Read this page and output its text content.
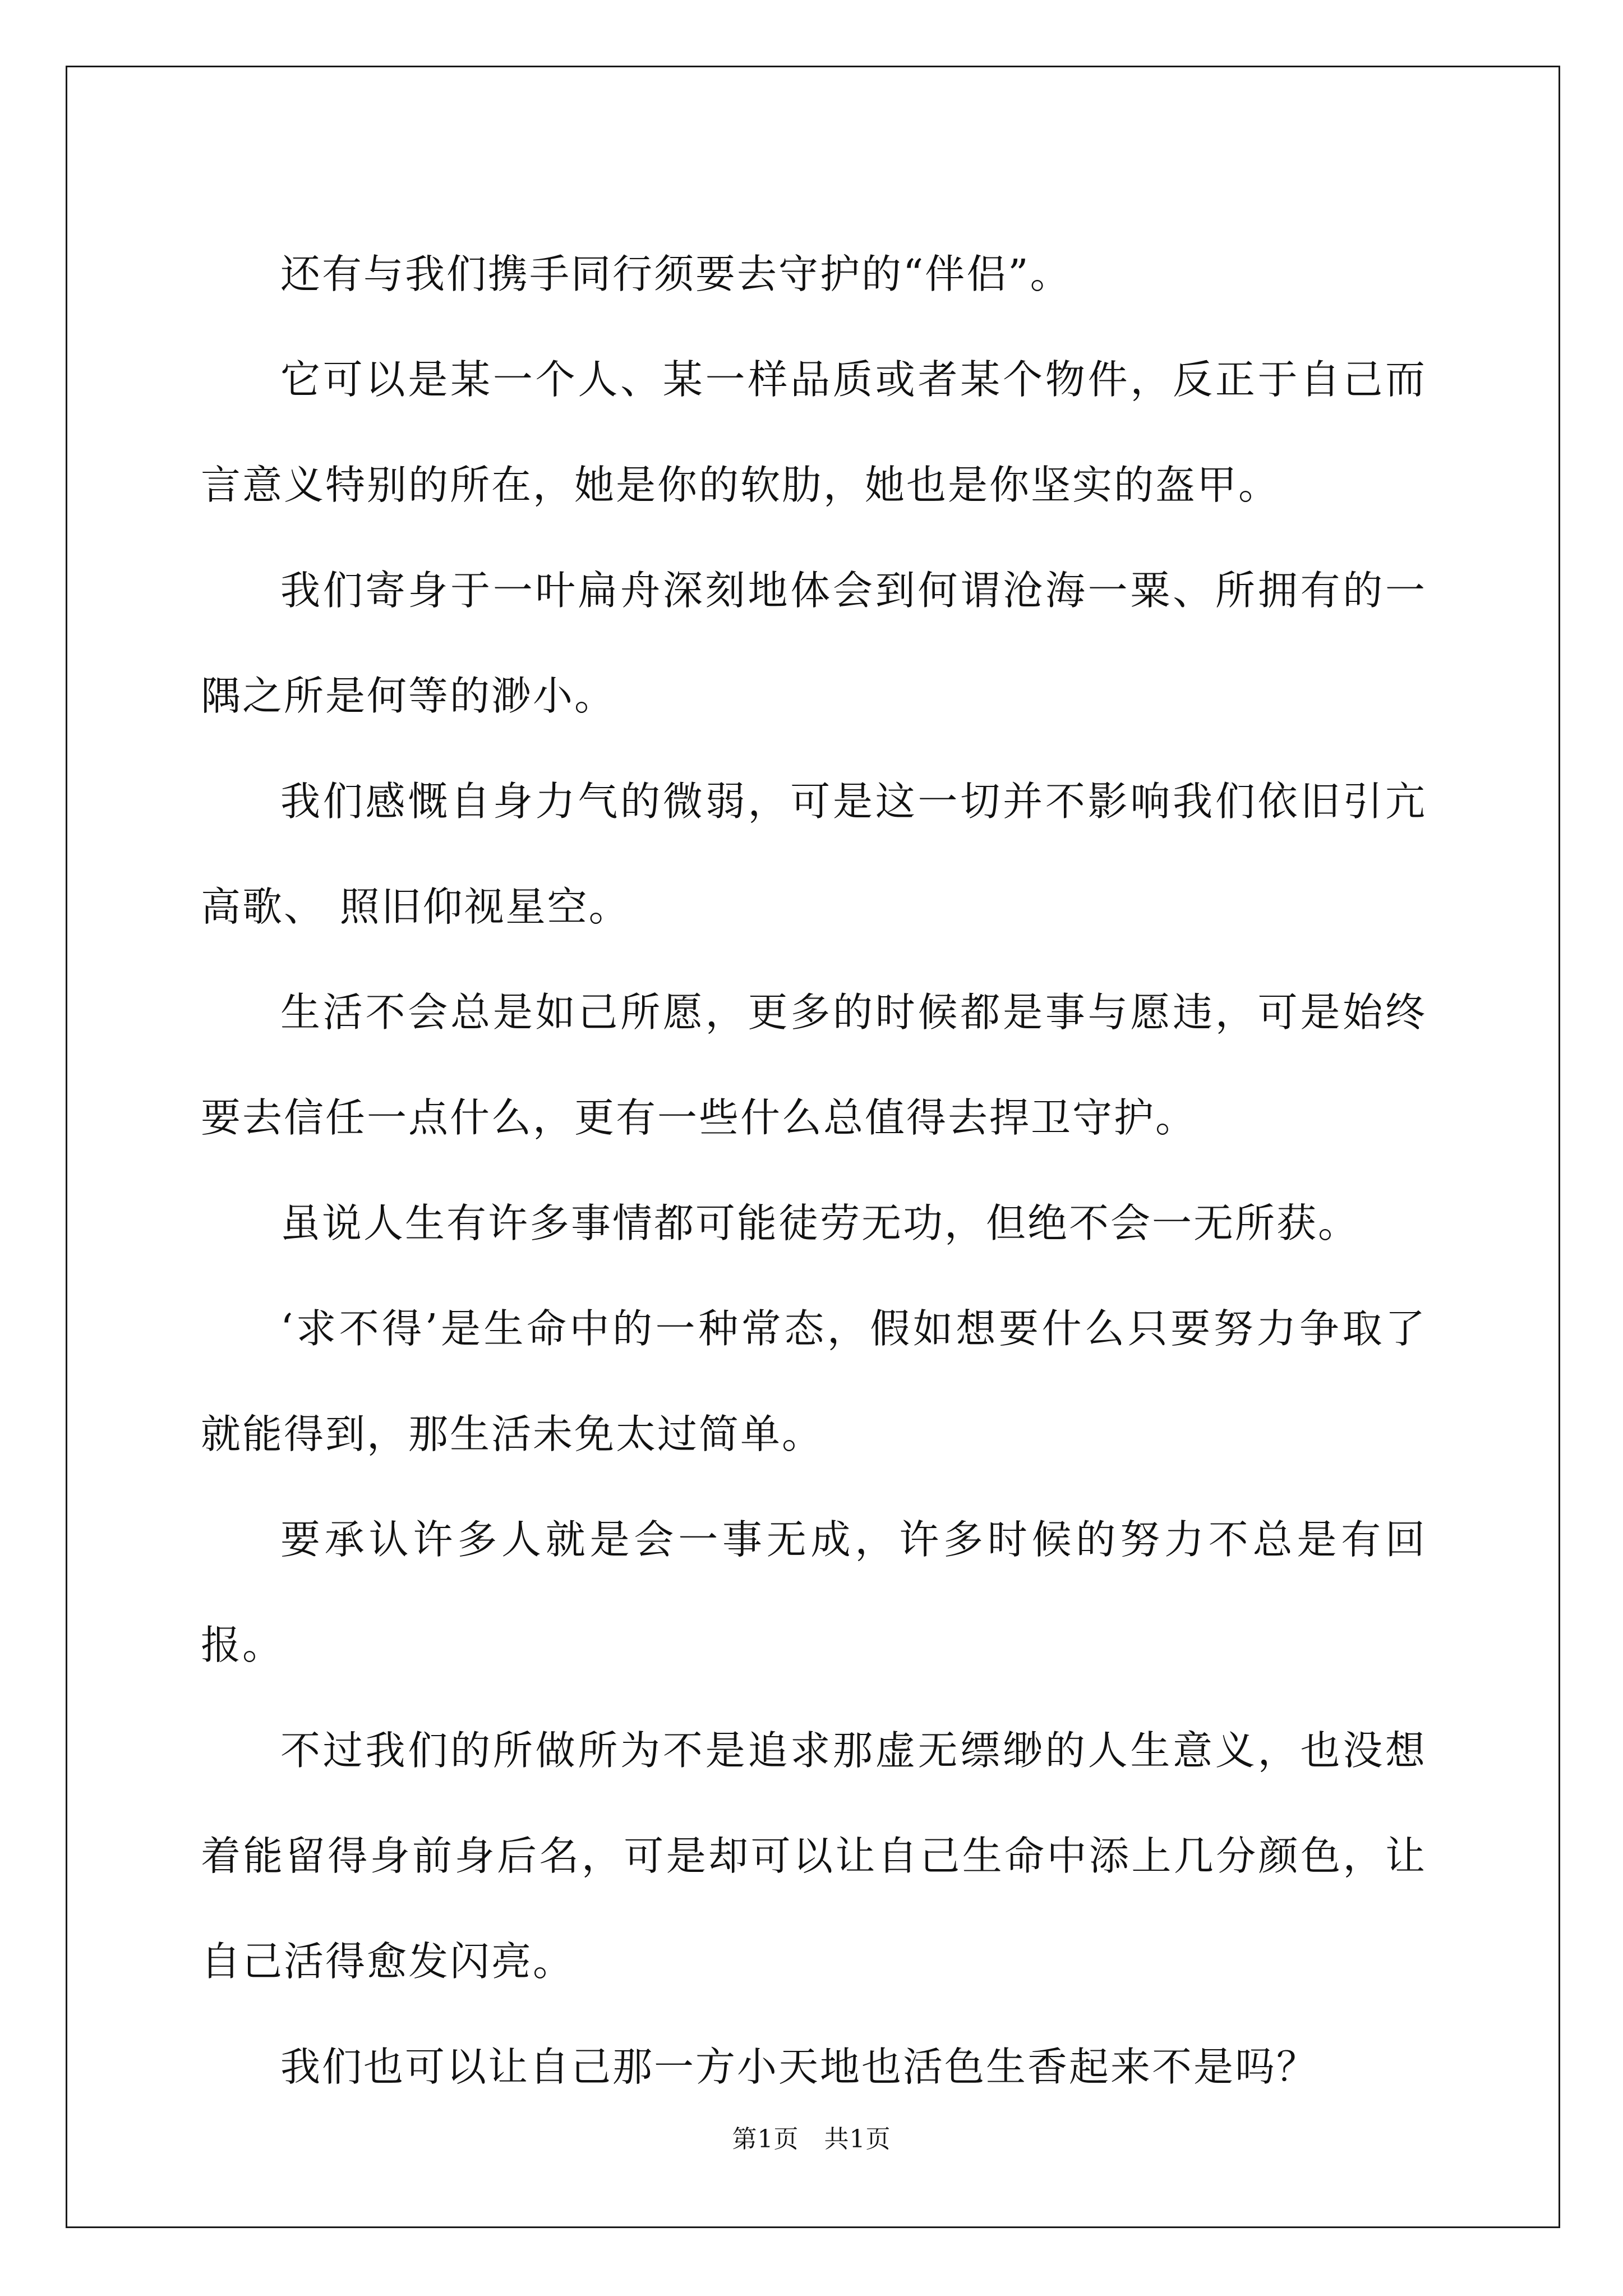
还有与我们携手同行须要去守护的“伴侣”。

它可以是某一个人、某一样品质或者某个物件，反正于自己而言意义特别的所在，她是你的软肋，她也是你坚实的盔甲。

我们寄身于一叶扁舟深刻地体会到何谓沧海一粟、所拥有的一隅之所是何等的渺小。

我们感慨自身力气的微弱，可是这一切并不影响我们依旧引亢高歌、 照旧仰视星空。

生活不会总是如己所愿，更多的时候都是事与愿违，可是始终要去信任一点什么，更有一些什么总值得去捍卫守护。

虽说人生有许多事情都可能徒劳无功，但绝不会一无所获。

‘求不得’是生命中的一种常态，假如想要什么只要努力争取了就能得到，那生活未免太过简单。

要承认许多人就是会一事无成，许多时候的努力不总是有回报。

不过我们的所做所为不是追求那虚无缥缈的人生意义，也没想着能留得身前身后名，可是却可以让自己生命中添上几分颜色，让自己活得愈发闪亮。

我们也可以让自己那一方小天地也活色生香起来不是吗？

第1页　共1页
